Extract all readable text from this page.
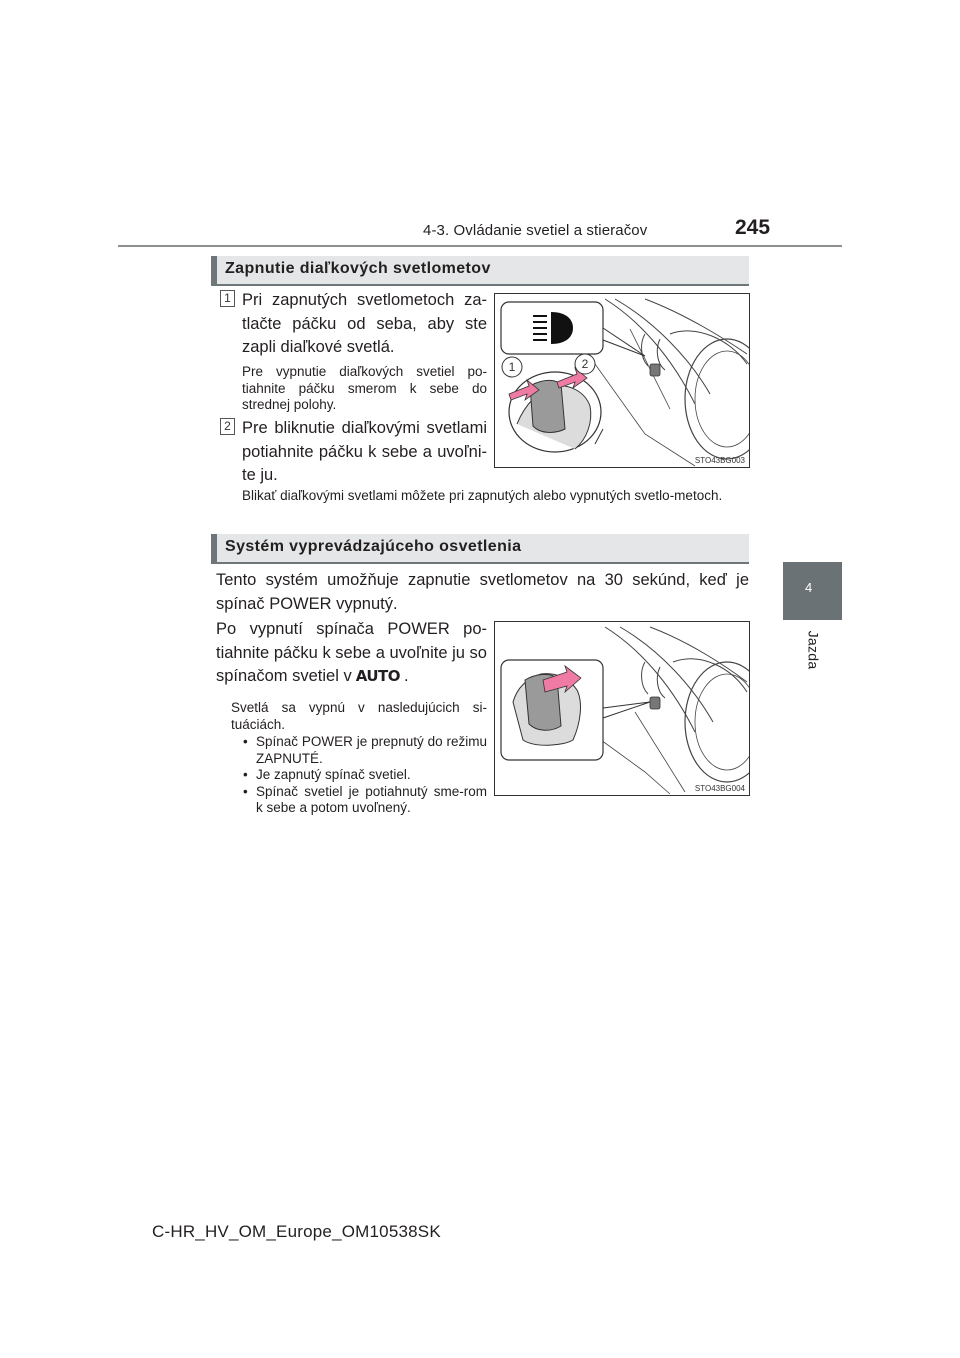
4-3. Ovládanie svetiel a stieračov	245
4
Jazda
Zapnutie diaľkových svetlometov
1 Pri zapnutých svetlometoch za-tlačte páčku od seba, aby ste zapli diaľkové svetlá.
Pre vypnutie diaľkových svetiel po-tiahnite páčku smerom k sebe do strednej polohy.
2 Pre bliknutie diaľkovými svetlami potiahnite páčku k sebe a uvoľni-te ju.
Blikať diaľkovými svetlami môžete pri zapnutých alebo vypnutých svetlo-metoch.
1	2
STO43BG003
Systém vyprevádzajúceho osvetlenia
Tento systém umožňuje zapnutie svetlometov na 30 sekúnd, keď je spínač POWER vypnutý.
Po vypnutí spínača POWER po-tiahnite páčku k sebe a uvoľnite ju so spínačom svetiel v AUTO .
Svetlá sa vypnú v nasledujúcich si-tuáciách.
• Spínač POWER je prepnutý do režimu ZAPNUTÉ.
• Je zapnutý spínač svetiel.
• Spínač svetiel je potiahnutý sme-rom k sebe a potom uvoľnený.
STO43BG004
C-HR_HV_OM_Europe_OM10538SK
